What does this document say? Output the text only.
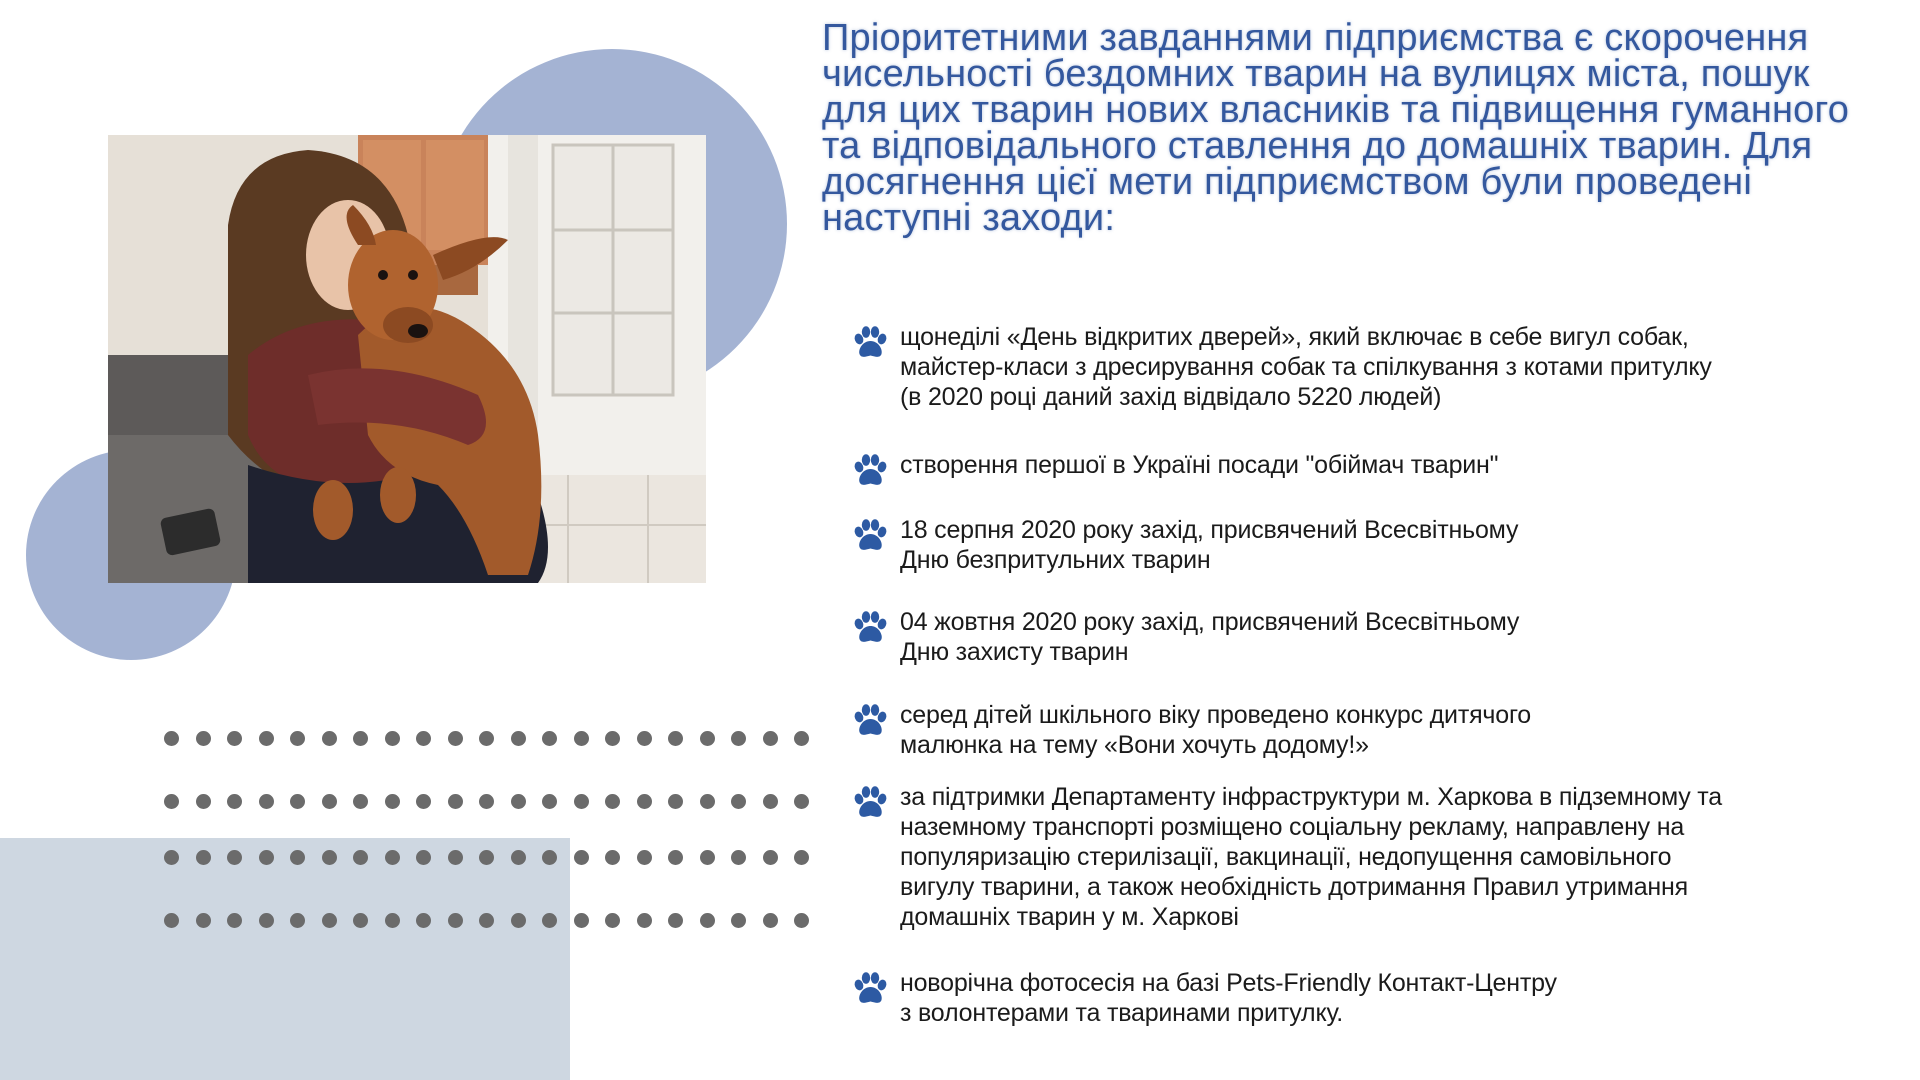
Пріоритетними завданнями підприємства є скорочення чисельності бездомних тварин на вулицях міста, пошук для цих тварин нових власників та підвищення гуманного та відповідального ставлення до домашніх тварин. Для досягнення цієї мети підприємством були проведені наступні заходи:

щонеділі «День відкритих дверей», який включає в себе вигул собак,
майстер-класи з дресирування собак та спілкування з котами притулку
(в 2020 році даний захід відвідало 5220 людей)
створення першої в Україні посади "обіймач тварин"
18 серпня 2020 року захід, присвячений Всесвітньому
Дню безпритульних тварин
04 жовтня 2020 року захід, присвячений Всесвітньому
Дню захисту тварин
серед дітей шкільного віку проведено конкурс дитячого
малюнка на тему «Вони хочуть додому!»
за підтримки Департаменту інфраструктури м. Харкова в підземному та
наземному транспорті розміщено соціальну рекламу, направлену на
популяризацію стерилізації, вакцинації, недопущення самовільного
вигулу тварини, а також необхідність дотримання Правил утримання
домашніх тварин у м. Харкові
новорічна фотосесія на базі Pets-Friendly Контакт-Центру
з волонтерами та тваринами притулку.
